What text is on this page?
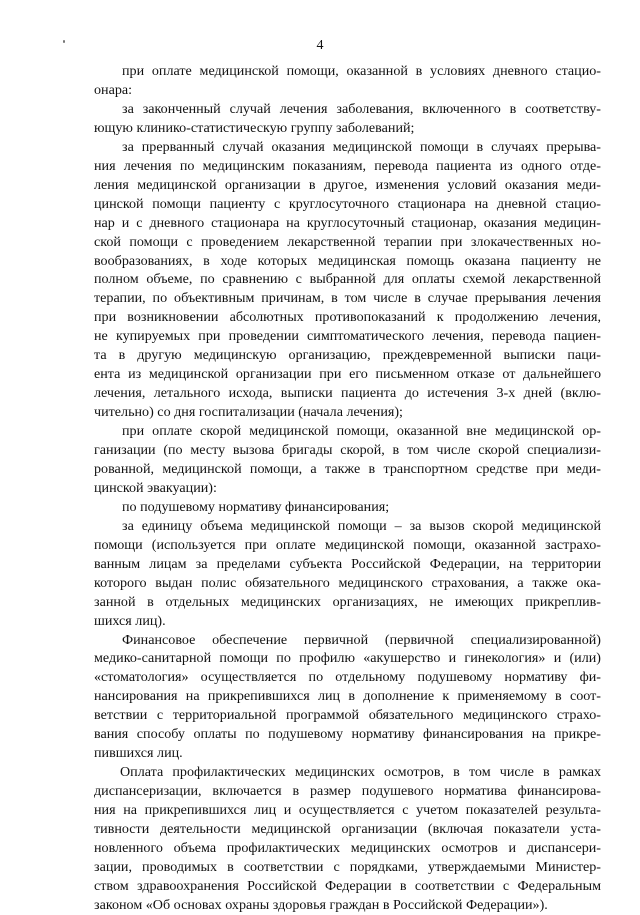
4
при оплате медицинской помощи, оказанной в условиях дневного стацио-
онара:
за законченный случай лечения заболевания, включенного в соответству-
ющую клинико-статистическую группу заболеваний;
за прерванный случай оказания медицинской помощи в случаях прерыва-
ния лечения по медицинским показаниям, перевода пациента из одного отде-
ления медицинской организации в другое, изменения условий оказания меди-
цинской помощи пациенту с круглосуточного стационара на дневной стацио-
нар и с дневного стационара на круглосуточный стационар, оказания медицин-
ской помощи с проведением лекарственной терапии при злокачественных но-
вообразованиях, в ходе которых медицинская помощь оказана пациенту не
полном объеме, по сравнению с выбранной для оплаты схемой лекарственной
терапии, по объективным причинам, в том числе в случае прерывания лечения
при возникновении абсолютных противопоказаний к продолжению лечения,
не купируемых при проведении симптоматического лечения, перевода пациен-
та в другую медицинскую организацию, преждевременной выписки паци-
ента из медицинской организации при его письменном отказе от дальнейшего
лечения, летального исхода, выписки пациента до истечения 3-х дней (вклю-
чительно) со дня госпитализации (начала лечения);
при оплате скорой медицинской помощи, оказанной вне медицинской ор-
ганизации (по месту вызова бригады скорой, в том числе скорой специализи-
рованной, медицинской помощи, а также в транспортном средстве при меди-
цинской эвакуации):
по подушевому нормативу финансирования;
за единицу объема медицинской помощи – за вызов скорой медицинской
помощи (используется при оплате медицинской помощи, оказанной застрахо-
ванным лицам за пределами субъекта Российской Федерации, на территории
которого выдан полис обязательного медицинского страхования, а также ока-
занной в отдельных медицинских организациях, не имеющих прикреплив-
шихся лиц).
Финансовое обеспечение первичной (первичной специализированной)
медико-санитарной помощи по профилю «акушерство и гинекология» и (или)
«стоматология» осуществляется по отдельному подушевому нормативу фи-
нансирования на прикрепившихся лиц в дополнение к применяемому в соот-
ветствии с территориальной программой обязательного медицинского страхо-
вания способу оплаты по подушевому нормативу финансирования на прикре-
пившихся лиц.
Оплата профилактических медицинских осмотров, в том числе в рамках
диспансеризации, включается в размер подушевого норматива финансирова-
ния на прикрепившихся лиц и осуществляется с учетом показателей результа-
тивности деятельности медицинской организации (включая показатели уста-
новленного объема профилактических медицинских осмотров и диспансери-
зации, проводимых в соответствии с порядками, утверждаемыми Министер-
ством здравоохранения Российской Федерации в соответствии с Федеральным
законом «Об основах охраны здоровья граждан в Российской Федерации»).
